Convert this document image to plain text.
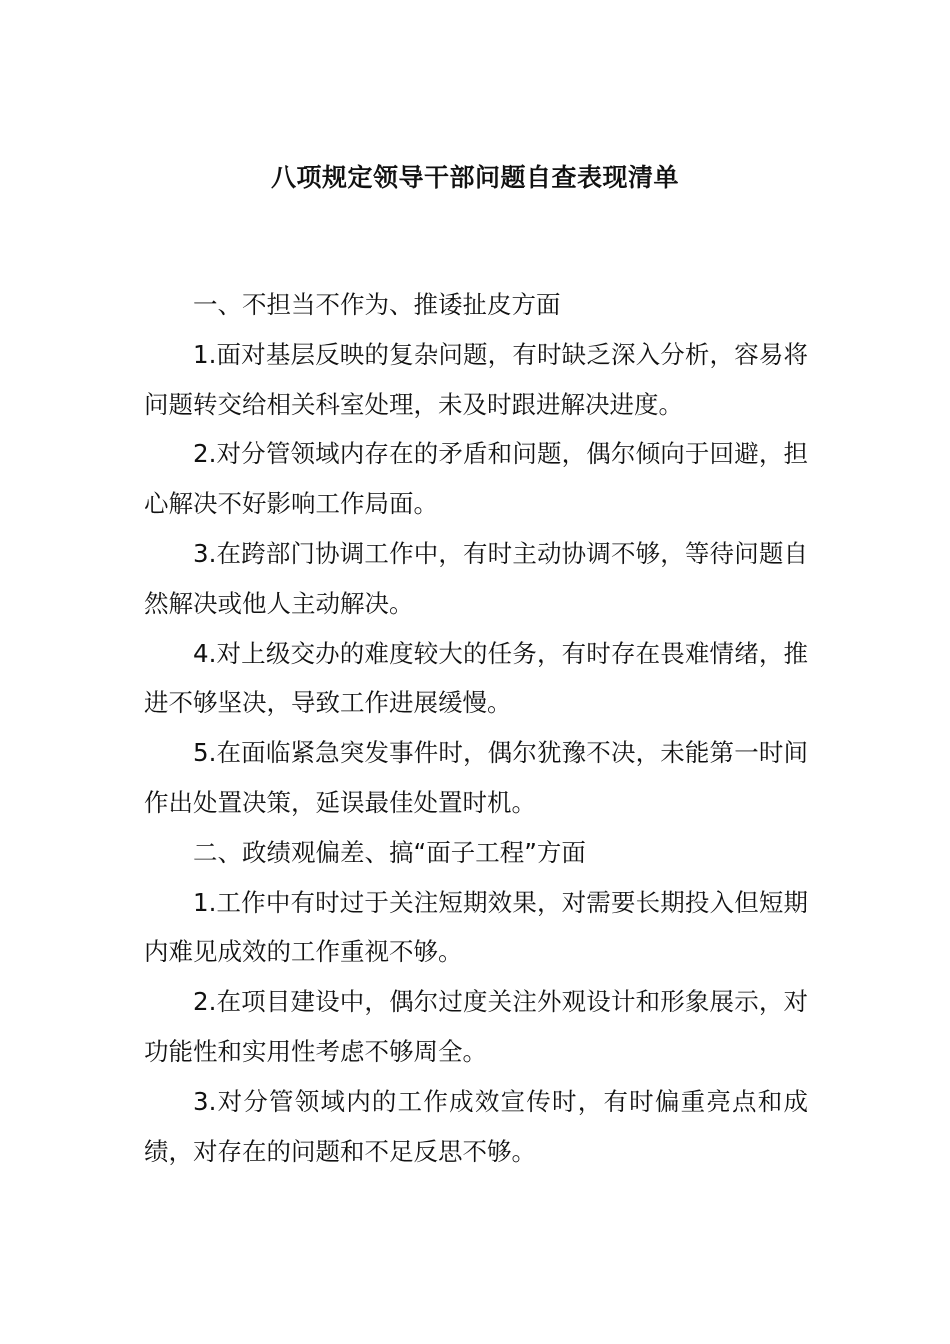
八项规定领导干部问题自查表现清单

一、不担当不作为、推诿扯皮方面

1.面对基层反映的复杂问题，有时缺乏深入分析，容易将问题转交给相关科室处理，未及时跟进解决进度。

2.对分管领域内存在的矛盾和问题，偶尔倾向于回避，担心解决不好影响工作局面。

3.在跨部门协调工作中，有时主动协调不够，等待问题自然解决或他人主动解决。

4.对上级交办的难度较大的任务，有时存在畏难情绪，推进不够坚决，导致工作进展缓慢。

5.在面临紧急突发事件时，偶尔犹豫不决，未能第一时间作出处置决策，延误最佳处置时机。

二、政绩观偏差、搞“面子工程”方面

1.工作中有时过于关注短期效果，对需要长期投入但短期内难见成效的工作重视不够。

2.在项目建设中，偶尔过度关注外观设计和形象展示，对功能性和实用性考虑不够周全。

3.对分管领域内的工作成效宣传时，有时偏重亮点和成绩，对存在的问题和不足反思不够。
